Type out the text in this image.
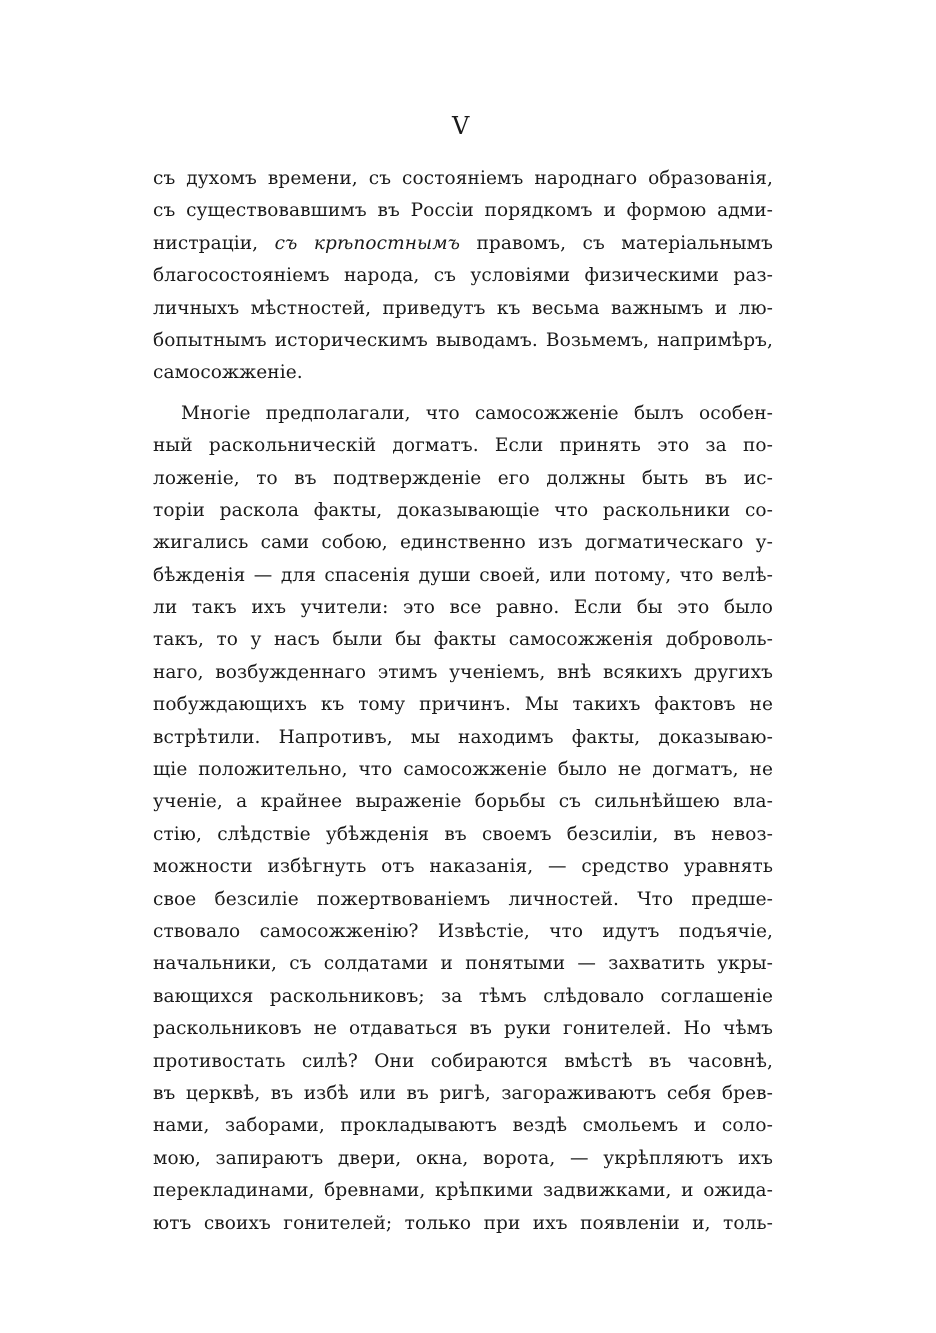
V
съ духомъ времени, съ состояніемъ народнаго образованія,
съ существовавшимъ въ Россіи порядкомъ и формою адми-
нистраціи, съ крѣпостнымъ правомъ, съ матеріальнымъ
благосостояніемъ народа, съ условіями физическими раз-
личныхъ мѣстностей, приведутъ къ весьма важнымъ и лю-
бопытнымъ историческимъ выводамъ. Возьмемъ, напримѣръ,
самосожженіе.
Многіе предполагали, что самосожженіе былъ особен-
ный раскольническій догматъ. Если принять это за по-
ложеніе, то въ подтвержденіе его должны быть въ ис-
торіи раскола факты, доказывающіе что раскольники со-
жигались сами собою, единственно изъ догматическаго у-
бѣжденія — для спасенія души своей, или потому, что велѣ-
ли такъ ихъ учители: это все равно. Если бы это было
такъ, то у насъ были бы факты самосожженія доброволь-
наго, возбужденнаго этимъ ученіемъ, внѣ всякихъ другихъ
побуждающихъ къ тому причинъ. Мы такихъ фактовъ не
встрѣтили. Напротивъ, мы находимъ факты, доказываю-
щіе положительно, что самосожженіе было не догматъ, не
ученіе, а крайнее выраженіе борьбы съ сильнѣйшею вла-
стію, слѣдствіе убѣжденія въ своемъ безсиліи, въ невоз-
можности избѣгнуть отъ наказанія, — средство уравнять
свое безсиліе пожертвованіемъ личностей. Что предше-
ствовало самосожженію? Извѣстіе, что идутъ подъячіе,
начальники, съ солдатами и понятыми — захватить укры-
вающихся раскольниковъ; за тѣмъ слѣдовало соглашеніе
раскольниковъ не отдаваться въ руки гонителей. Но чѣмъ
противостать силѣ? Они собираются вмѣстѣ въ часовнѣ,
въ церквѣ, въ избѣ или въ ригѣ, загораживаютъ себя брев-
нами, заборами, прокладываютъ вездѣ смольемъ и соло-
мою, запираютъ двери, окна, ворота, — укрѣпляютъ ихъ
перекладинами, бревнами, крѣпкими задвижками, и ожида-
ютъ своихъ гонителей; только при ихъ появленіи и, толь-
